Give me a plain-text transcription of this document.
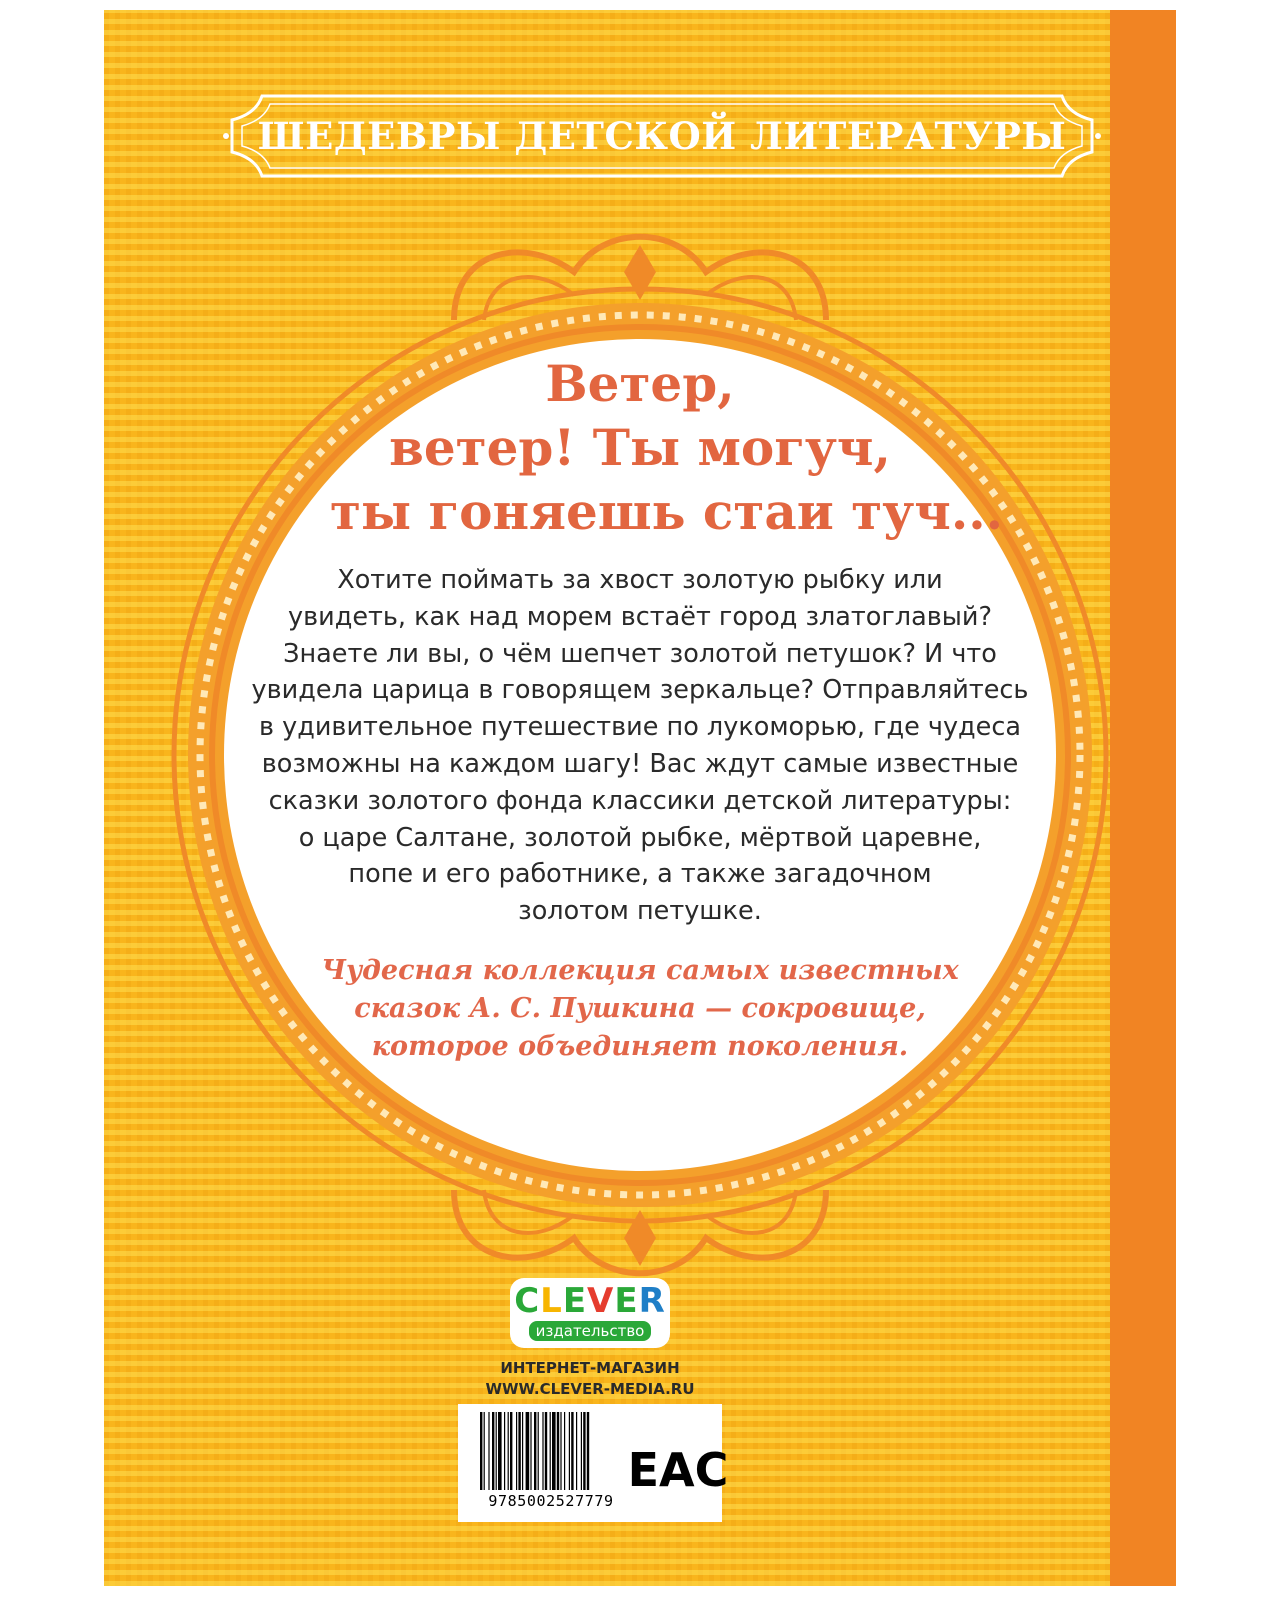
ШЕДЕВРЫ ДЕТСКОЙ ЛИТЕРАТУРЫ
Ветер,
ветер! Ты могуч,
ты гоняешь стаи туч...
Хотите поймать за хвост золотую рыбку или
увидеть, как над морем встаёт город златоглавый?
Знаете ли вы, о чём шепчет золотой петушок? И что
увидела царица в говорящем зеркальце? Отправляйтесь
в удивительное путешествие по лукоморью, где чудеса
возможны на каждом шагу! Вас ждут самые известные
сказки золотого фонда классики детской литературы:
о царе Салтане, золотой рыбке, мёртвой царевне,
попе и его работнике, а также загадочном
золотом петушке.
Чудесная коллекция самых известных
сказок А. С. Пушкина — сокровище,
которое объединяет поколения.
CLEVER
издательство
ИНТЕРНЕТ-МАГАЗИН
WWW.CLEVER-MEDIA.RU
9785002527779
EAC
